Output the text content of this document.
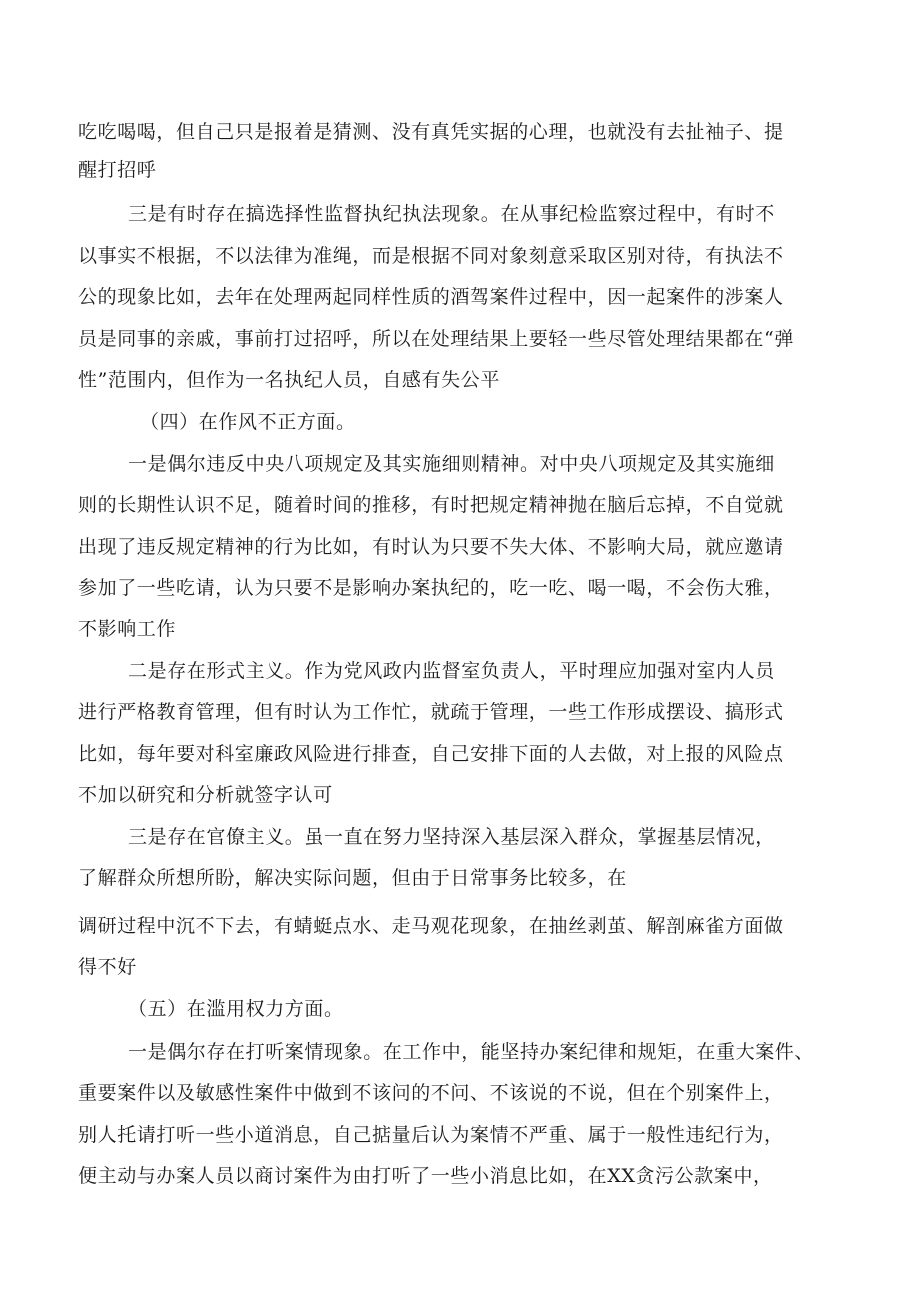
吃吃喝喝，但自己只是报着是猜测、没有真凭实据的心理，也就没有去扯袖子、提
醒打招呼
三是有时存在搞选择性监督执纪执法现象。在从事纪检监察过程中，有时不
以事实不根据，不以法律为准绳，而是根据不同对象刻意采取区别对待，有执法不
公的现象比如，去年在处理两起同样性质的酒驾案件过程中，因一起案件的涉案人
员是同事的亲戚，事前打过招呼，所以在处理结果上要轻一些尽管处理结果都在“弹
性”范围内，但作为一名执纪人员，自感有失公平
（四）在作风不正方面。
一是偶尔违反中央八项规定及其实施细则精神。对中央八项规定及其实施细
则的长期性认识不足，随着时间的推移，有时把规定精神抛在脑后忘掉，不自觉就
出现了违反规定精神的行为比如，有时认为只要不失大体、不影响大局，就应邀请
参加了一些吃请，认为只要不是影响办案执纪的，吃一吃、喝一喝，不会伤大雅，
不影响工作
二是存在形式主义。作为党风政内监督室负责人，平时理应加强对室内人员
进行严格教育管理，但有时认为工作忙，就疏于管理，一些工作形成摆设、搞形式
比如，每年要对科室廉政风险进行排查，自己安排下面的人去做，对上报的风险点
不加以研究和分析就签字认可
三是存在官僚主义。虽一直在努力坚持深入基层深入群众，掌握基层情况，
了解群众所想所盼，解决实际问题，但由于日常事务比较多，在
调研过程中沉不下去，有蜻蜓点水、走马观花现象，在抽丝剥茧、解剖麻雀方面做
得不好
（五）在滥用权力方面。
一是偶尔存在打听案情现象。在工作中，能坚持办案纪律和规矩，在重大案件、
重要案件以及敏感性案件中做到不该问的不问、不该说的不说，但在个别案件上，
别人托请打听一些小道消息，自己掂量后认为案情不严重、属于一般性违纪行为，
便主动与办案人员以商讨案件为由打听了一些小消息比如，在XX贪污公款案中，
